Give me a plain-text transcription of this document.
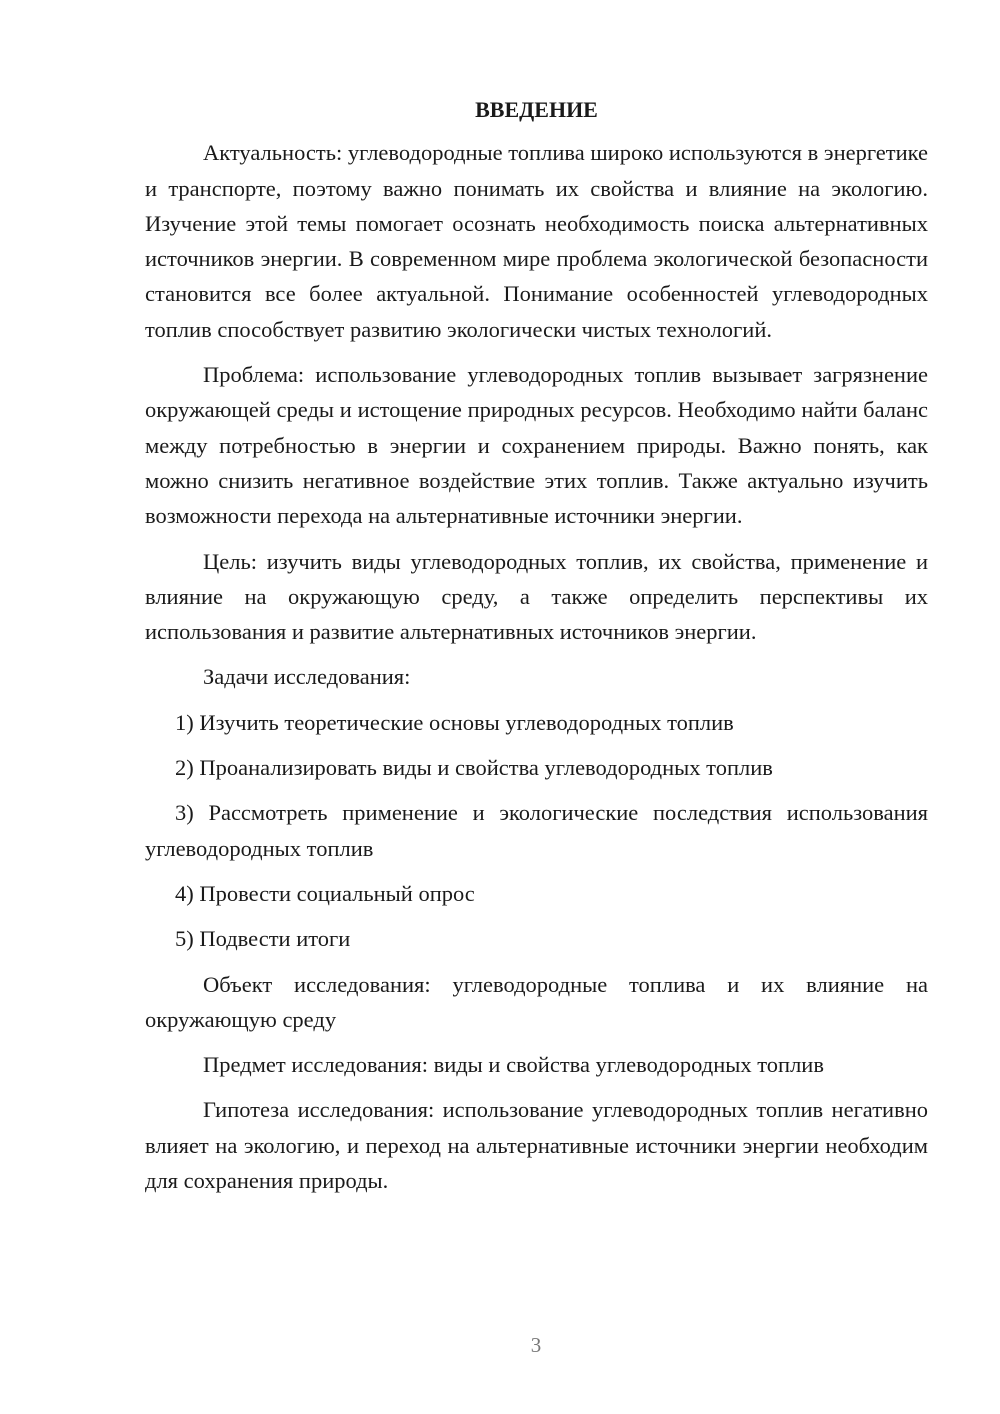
ВВЕДЕНИЕ

Актуальность: углеводородные топлива широко используются в энергетике и транспорте, поэтому важно понимать их свойства и влияние на экологию. Изучение этой темы помогает осознать необходимость поиска альтернативных источников энергии. В современном мире проблема экологической безопасности становится все более актуальной. Понимание особенностей углеводородных топлив способствует развитию экологически чистых технологий.

Проблема: использование углеводородных топлив вызывает загрязнение окружающей среды и истощение природных ресурсов. Необходимо найти баланс между потребностью в энергии и сохранением природы. Важно понять, как можно снизить негативное воздействие этих топлив. Также актуально изучить возможности перехода на альтернативные источники энергии.

Цель: изучить виды углеводородных топлив, их свойства, применение и влияние на окружающую среду, а также определить перспективы их использования и развитие альтернативных источников энергии.

Задачи исследования:

1) Изучить теоретические основы углеводородных топлив

2) Проанализировать виды и свойства углеводородных топлив

3) Рассмотреть применение и экологические последствия использования углеводородных топлив

4) Провести социальный опрос

5) Подвести итоги

Объект исследования: углеводородные топлива и их влияние на окружающую среду

Предмет исследования: виды и свойства углеводородных топлив

Гипотеза исследования: использование углеводородных топлив негативно влияет на экологию, и переход на альтернативные источники энергии необходим для сохранения природы.

3
